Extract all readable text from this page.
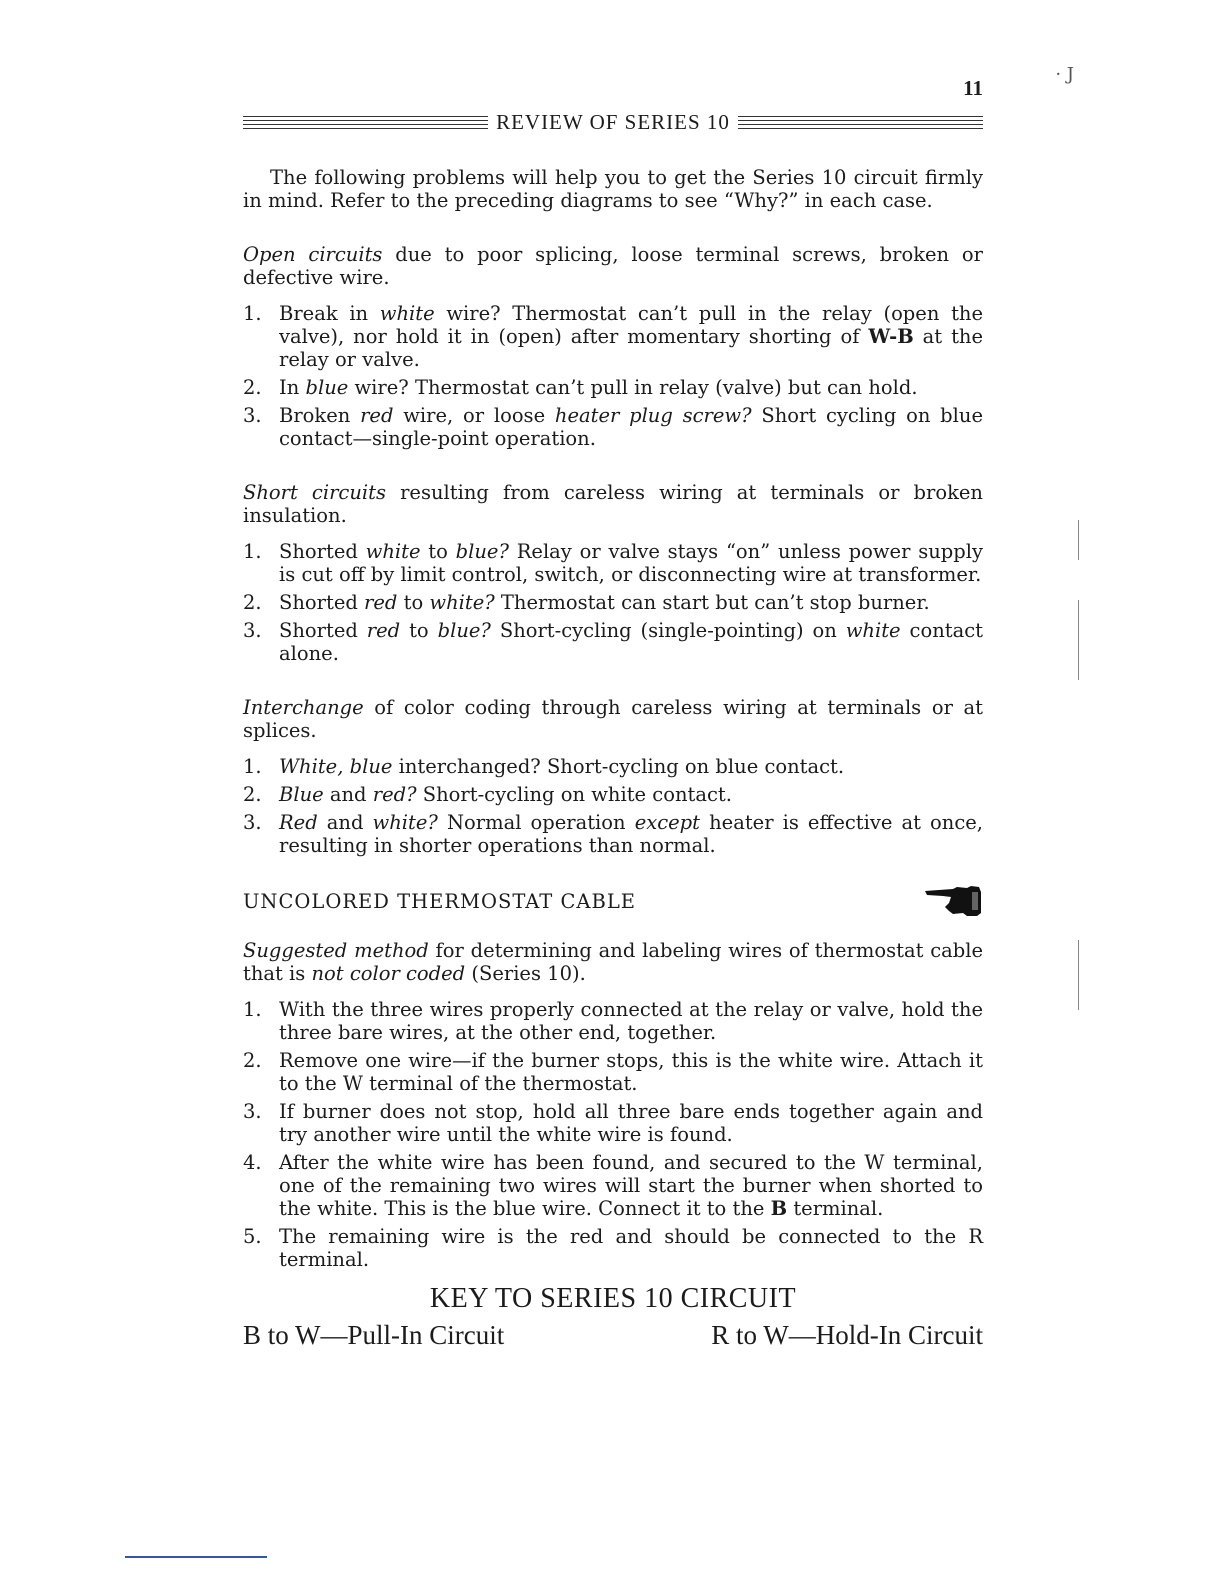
· J
11
REVIEW OF SERIES 10

The following problems will help you to get the Series 10 circuit firmly in mind. Refer to the preceding diagrams to see “Why?” in each case.

Open circuits due to poor splicing, loose terminal screws, broken or defective wire.

1. Break in white wire? Thermostat can’t pull in the relay (open the valve), nor hold it in (open) after momentary shorting of W-B at the relay or valve.
2. In blue wire? Thermostat can’t pull in relay (valve) but can hold.
3. Broken red wire, or loose heater plug screw? Short cycling on blue contact—single-point operation.

Short circuits resulting from careless wiring at terminals or broken insulation.

1. Shorted white to blue? Relay or valve stays “on” unless power supply is cut off by limit control, switch, or disconnecting wire at transformer.
2. Shorted red to white? Thermostat can start but can’t stop burner.
3. Shorted red to blue? Short-cycling (single-pointing) on white contact alone.

Interchange of color coding through careless wiring at terminals or at splices.

1. White, blue interchanged? Short-cycling on blue contact.
2. Blue and red? Short-cycling on white contact.
3. Red and white? Normal operation except heater is effective at once, resulting in shorter operations than normal.
UNCOLORED THERMOSTAT CABLE

Suggested method for determining and labeling wires of thermostat cable that is not color coded (Series 10).

1. With the three wires properly connected at the relay or valve, hold the three bare wires, at the other end, together.
2. Remove one wire—if the burner stops, this is the white wire. Attach it to the W terminal of the thermostat.
3. If burner does not stop, hold all three bare ends together again and try another wire until the white wire is found.
4. After the white wire has been found, and secured to the W terminal, one of the remaining two wires will start the burner when shorted to the white. This is the blue wire. Connect it to the B terminal.
5. The remaining wire is the red and should be connected to the R terminal.
KEY TO SERIES 10 CIRCUIT
B to W—Pull-In Circuit	R to W—Hold-In Circuit
